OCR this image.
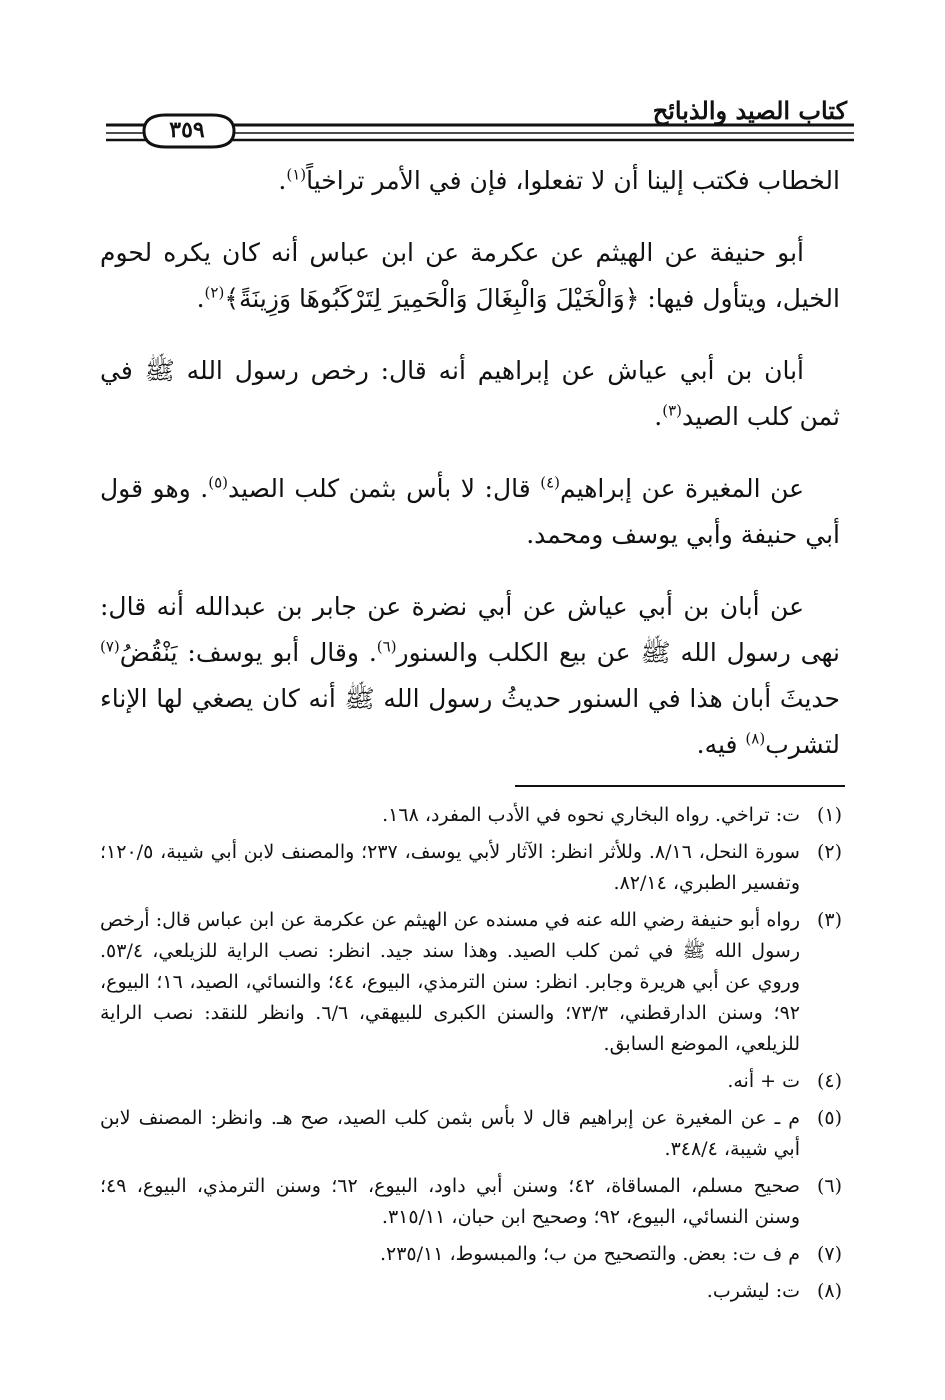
كتاب الصيد والذبائح
٣٥٩

الخطاب فكتب إلينا أن لا تفعلوا، فإن في الأمر تراخياً$^{(١)}$.

أبو حنيفة عن الهيثم عن عكرمة عن ابن عباس أنه كان يكره لحوم الخيل، ويتأول فيها: ﴿وَالْخَيْلَ وَالْبِغَالَ وَالْحَمِيرَ لِتَرْكَبُوهَا وَزِينَةً﴾$^{(٢)}$.

أبان بن أبي عياش عن إبراهيم أنه قال: رخص رسول الله ﷺ في ثمن كلب الصيد$^{(٣)}$.

عن المغيرة عن إبراهيم$^{(٤)}$ قال: لا بأس بثمن كلب الصيد$^{(٥)}$. وهو قول أبي حنيفة وأبي يوسف ومحمد.

عن أبان بن أبي عياش عن أبي نضرة عن جابر بن عبدالله أنه قال: نهى رسول الله ﷺ عن بيع الكلب والسنور$^{(٦)}$. وقال أبو يوسف: يَنْقُضُ$^{(٧)}$ حديثَ أبان هذا في السنور حديثُ رسول الله ﷺ أنه كان يصغي لها الإناء لتشرب$^{(٨)}$ فيه.

(١)
ت: تراخي. رواه البخاري نحوه في الأدب المفرد، ١٦٨.
(٢)
سورة النحل، ٨/١٦. وللأثر انظر: الآثار لأبي يوسف، ٢٣٧؛ والمصنف لابن أبي شيبة، ١٢٠/٥؛ وتفسير الطبري، ٨٢/١٤.
(٣)
رواه أبو حنيفة رضي الله عنه في مسنده عن الهيثم عن عكرمة عن ابن عباس قال: أرخص رسول الله ﷺ في ثمن كلب الصيد. وهذا سند جيد. انظر: نصب الراية للزيلعي، ٥٣/٤. وروي عن أبي هريرة وجابر. انظر: سنن الترمذي، البيوع، ٤٤؛ والنسائي، الصيد، ١٦؛ البيوع، ٩٢؛ وسنن الدارقطني، ٧٣/٣؛ والسنن الكبرى للبيهقي، ٦/٦. وانظر للنقد: نصب الراية للزيلعي، الموضع السابق.
(٤)
ت + أنه.
(٥)
م ـ عن المغيرة عن إبراهيم قال لا بأس بثمن كلب الصيد، صح هـ. وانظر: المصنف لابن أبي شيبة، ٣٤٨/٤.
(٦)
صحيح مسلم، المساقاة، ٤٢؛ وسنن أبي داود، البيوع، ٦٢؛ وسنن الترمذي، البيوع، ٤٩؛ وسنن النسائي، البيوع، ٩٢؛ وصحيح ابن حبان، ٣١٥/١١.
(٧)
م ف ت: بعض. والتصحيح من ب؛ والمبسوط، ٢٣٥/١١.
(٨)
ت: ليشرب.
